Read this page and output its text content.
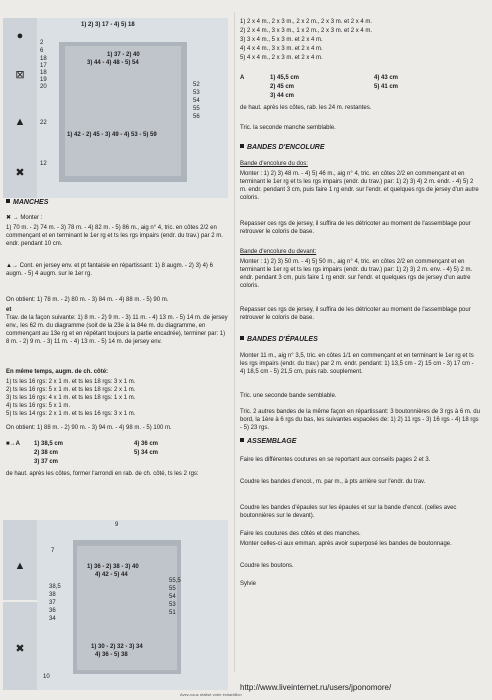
●
⊠
▲
✖
1) 2) 3) 17 - 4) 5) 18
1) 37 - 2) 40
3) 44 - 4) 48 - 5) 54
2
6
18
17
18
19
20
22
12
52
53
54
55
56
1) 42 - 2) 45 - 3) 49 - 4) 53 - 5) 59
MANCHES
✖ → Monter :
1) 70 m. - 2) 74 m. - 3) 78 m. - 4) 82 m. - 5) 86 m., aig n° 4, tric. en côtes 2/2 en commençant et en terminant le 1er rg et ts les rgs impairs (endr. du trav.) par 2 m. endr. pendant 10 cm.
▲→ Cont. en jersey env. et pt fantaisie en répartissant: 1) 8 augm. - 2) 3) 4) 6 augm. - 5) 4 augm. sur le 1er rg.
On obtient: 1) 78 m. - 2) 80 m. - 3) 84 m. - 4) 88 m. - 5) 90 m.
et
Trav. de la façon suivante: 1) 8 m. - 2) 9 m. - 3) 11 m. - 4) 13 m. - 5) 14 m. de jersey env., les 62 m. du diagramme (soit de la 23e à la 84e m. du diagramme, en commençant au 13e rg et en répétant toujours la partie encadrée), terminer par: 1) 8 m. - 2) 9 m. - 3) 11 m. - 4) 13 m. - 5) 14 m. de jersey env.
En même temps, augm. de ch. côté:
1) ts les 16 rgs: 2 x 1 m. et ts les 18 rgs: 3 x 1 m.
2) ts les 16 rgs: 5 x 1 m. et ts les 18 rgs: 2 x 1 m.
3) ts les 16 rgs: 4 x 1 m. et ts les 18 rgs: 1 x 1 m.
4) ts les 16 rgs: 5 x 1 m.
5) ts les 14 rgs: 2 x 1 m. et ts les 16 rgs: 3 x 1 m.
On obtient: 1) 88 m. - 2) 90 m. - 3) 94 m. - 4) 98 m. - 5) 100 m.
■→A 1) 38,5 cm
2) 38 cm
3) 37 cm
4) 36 cm
5) 34 cm
de haut. après les côtes, former l'arrondi en rab. de ch. côté, ts les 2 rgs:
▲
✖
9
7
1) 36 - 2) 38 - 3) 40
4) 42 - 5) 44
38,5
38
37
36
34
55,5
55
54
53
51
1) 30 - 2) 32 - 3) 34
4) 36 - 5) 38
10
1) 2 x 4 m., 2 x 3 m., 2 x 2 m., 2 x 3 m. et 2 x 4 m.
2) 2 x 4 m., 3 x 3 m., 1 x 2 m., 2 x 3 m. et 2 x 4 m.
3) 3 x 4 m., 5 x 3 m. et 2 x 4 m.
4) 4 x 4 m., 3 x 3 m. et 2 x 4 m.
5) 4 x 4 m., 2 x 3 m. et 2 x 4 m.
A	1) 45,5 cm
2) 45 cm
3) 44 cm
4) 43 cm
5) 41 cm
de haut. après les côtes, rab. les 24 m. restantes.
Tric. la seconde manche semblable.
BANDES D'ENCOLURE
Bande d'encolure du dos:
Monter : 1) 2) 3) 48 m. - 4) 5) 46 m., aig n° 4, tric. en côtes 2/2 en commençant et en terminant le 1er rg et ts les rgs impairs (endr. du trav.) par: 1) 2) 3) 4) 2 m. endr. - 4) 5) 2 m. endr. pendant 3 cm, puis faire 1 rg endr. sur l'endr. et quelques rgs de jersey d'un autre coloris.
Repasser ces rgs de jersey, il suffira de les détricoter au moment de l'assemblage pour retrouver le coloris de base.
Bande d'encolure du devant:
Monter : 1) 2) 3) 50 m. - 4) 5) 50 m., aig n° 4, tric. en côtes 2/2 en commençant et en terminant le 1er rg et ts les rgs impairs (endr. du trav.) par: 1) 2) 3) 2 m. env. - 4) 5) 2 m. endr. pendant 3 cm, puis faire 1 rg endr. sur l'endr. et quelques rgs de jersey d'un autre coloris.
Repasser ces rgs de jersey, il suffira de les détricoter au moment de l'assemblage pour retrouver le coloris de base.
BANDES D'ÉPAULES
Monter 11 m., aig n° 3,5, tric. en côtes 1/1 en commençant et en terminant le 1er rg et ts les rgs impairs (endr. du trav.) par 2 m. endr. pendant: 1) 13,5 cm - 2) 15 cm - 3) 17 cm - 4) 18,5 cm - 5) 21,5 cm, puis rab. souplement.
Tric. une seconde bande semblable.
Tric. 2 autres bandes de la même façon en répartissant: 3 boutonnières de 3 rgs à 6 m. du bord, la 1ère à 6 rgs du bas, les suivantes espacées de: 1) 2) 11 rgs - 3) 16 rgs - 4) 18 rgs - 5) 23 rgs.
ASSEMBLAGE
Faire les différentes coutures en se reportant aux conseils pages 2 et 3.
Coudre les bandes d'encol., m. par m., à pts arrière sur l'endr. du trav.
Coudre les bandes d'épaules sur les épaules et sur la bande d'encol. (celles avec boutonnières sur le devant).
Faire les coutures des côtés et des manches.
Monter celles-ci aux emman. après avoir superposé les bandes de boutonnage.
Coudre les boutons.
Sylvie
Avez-vous réalisé votre échantillon
http://www.liveinternet.ru/users/jponomore/
